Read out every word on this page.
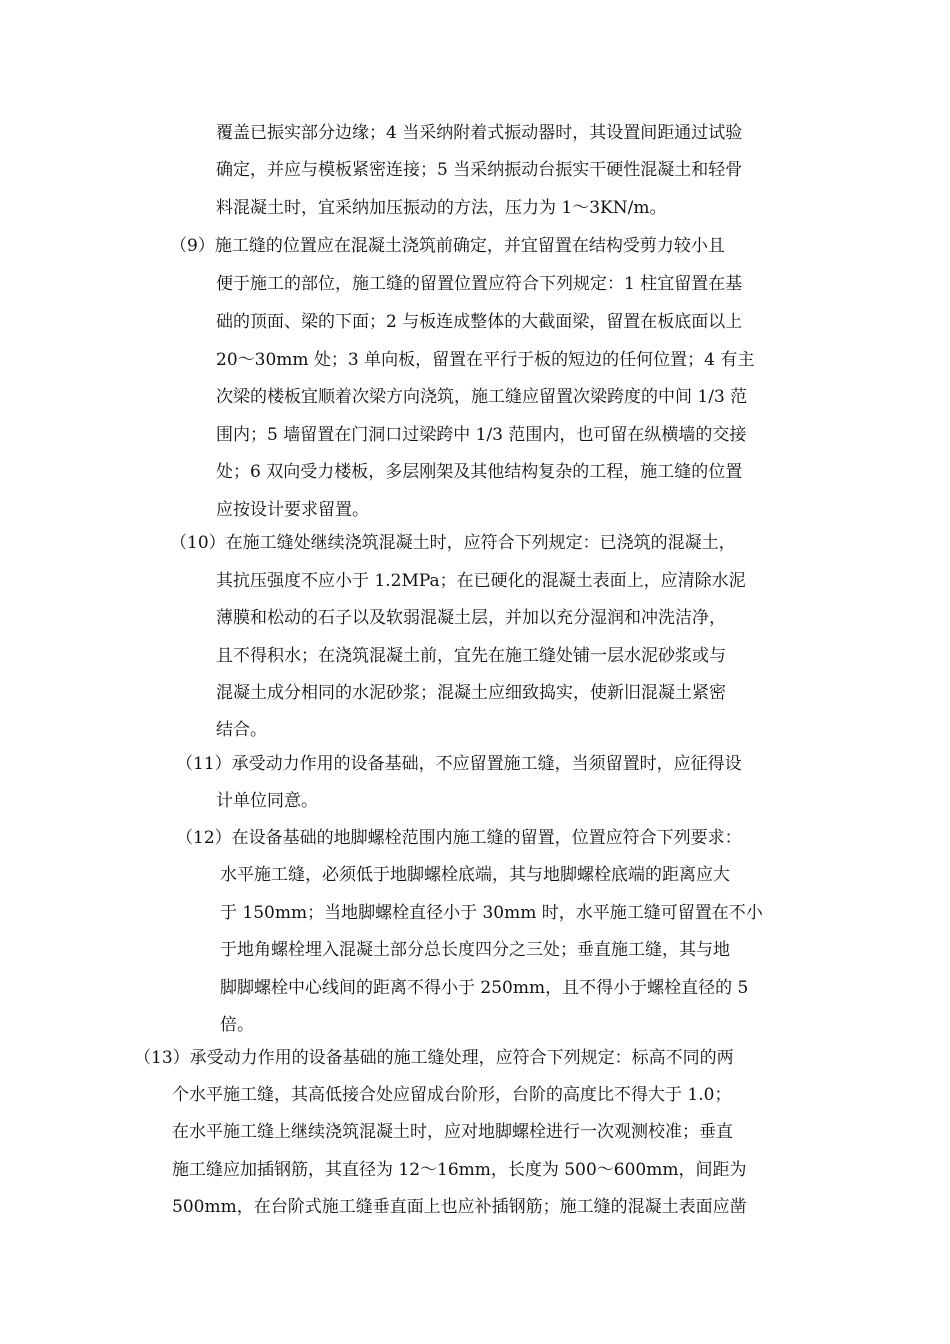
覆盖已振实部分边缘；4 当采纳附着式振动器时，其设置间距通过试验
确定，并应与模板紧密连接；5 当采纳振动台振实干硬性混凝土和轻骨
料混凝土时，宜采纳加压振动的方法，压力为 1～3KN/m。
（9）施工缝的位置应在混凝土浇筑前确定，并宜留置在结构受剪力较小且
便于施工的部位，施工缝的留置位置应符合下列规定：1 柱宜留置在基
础的顶面、梁的下面；2 与板连成整体的大截面梁，留置在板底面以上
20～30mm 处；3 单向板，留置在平行于板的短边的任何位置；4 有主
次梁的楼板宜顺着次梁方向浇筑，施工缝应留置次梁跨度的中间 1/3 范
围内；5 墙留置在门洞口过梁跨中 1/3 范围内，也可留在纵横墙的交接
处；6 双向受力楼板，多层刚架及其他结构复杂的工程，施工缝的位置
应按设计要求留置。
（10）在施工缝处继续浇筑混凝土时，应符合下列规定：已浇筑的混凝土，
其抗压强度不应小于 1.2MPa；在已硬化的混凝土表面上，应清除水泥
薄膜和松动的石子以及软弱混凝土层，并加以充分湿润和冲洗洁净，
且不得积水；在浇筑混凝土前，宜先在施工缝处铺一层水泥砂浆或与
混凝土成分相同的水泥砂浆；混凝土应细致捣实，使新旧混凝土紧密
结合。
（11）承受动力作用的设备基础，不应留置施工缝，当须留置时，应征得设
计单位同意。
（12）在设备基础的地脚螺栓范围内施工缝的留置，位置应符合下列要求：
水平施工缝，必须低于地脚螺栓底端，其与地脚螺栓底端的距离应大
于 150mm；当地脚螺栓直径小于 30mm 时，水平施工缝可留置在不小
于地角螺栓埋入混凝土部分总长度四分之三处；垂直施工缝，其与地
脚脚螺栓中心线间的距离不得小于 250mm，且不得小于螺栓直径的 5
倍。
（13）承受动力作用的设备基础的施工缝处理，应符合下列规定：标高不同的两
个水平施工缝，其高低接合处应留成台阶形，台阶的高度比不得大于 1.0；
在水平施工缝上继续浇筑混凝土时，应对地脚螺栓进行一次观测校准；垂直
施工缝应加插钢筋，其直径为 12～16mm，长度为 500～600mm，间距为
500mm，在台阶式施工缝垂直面上也应补插钢筋；施工缝的混凝土表面应凿
